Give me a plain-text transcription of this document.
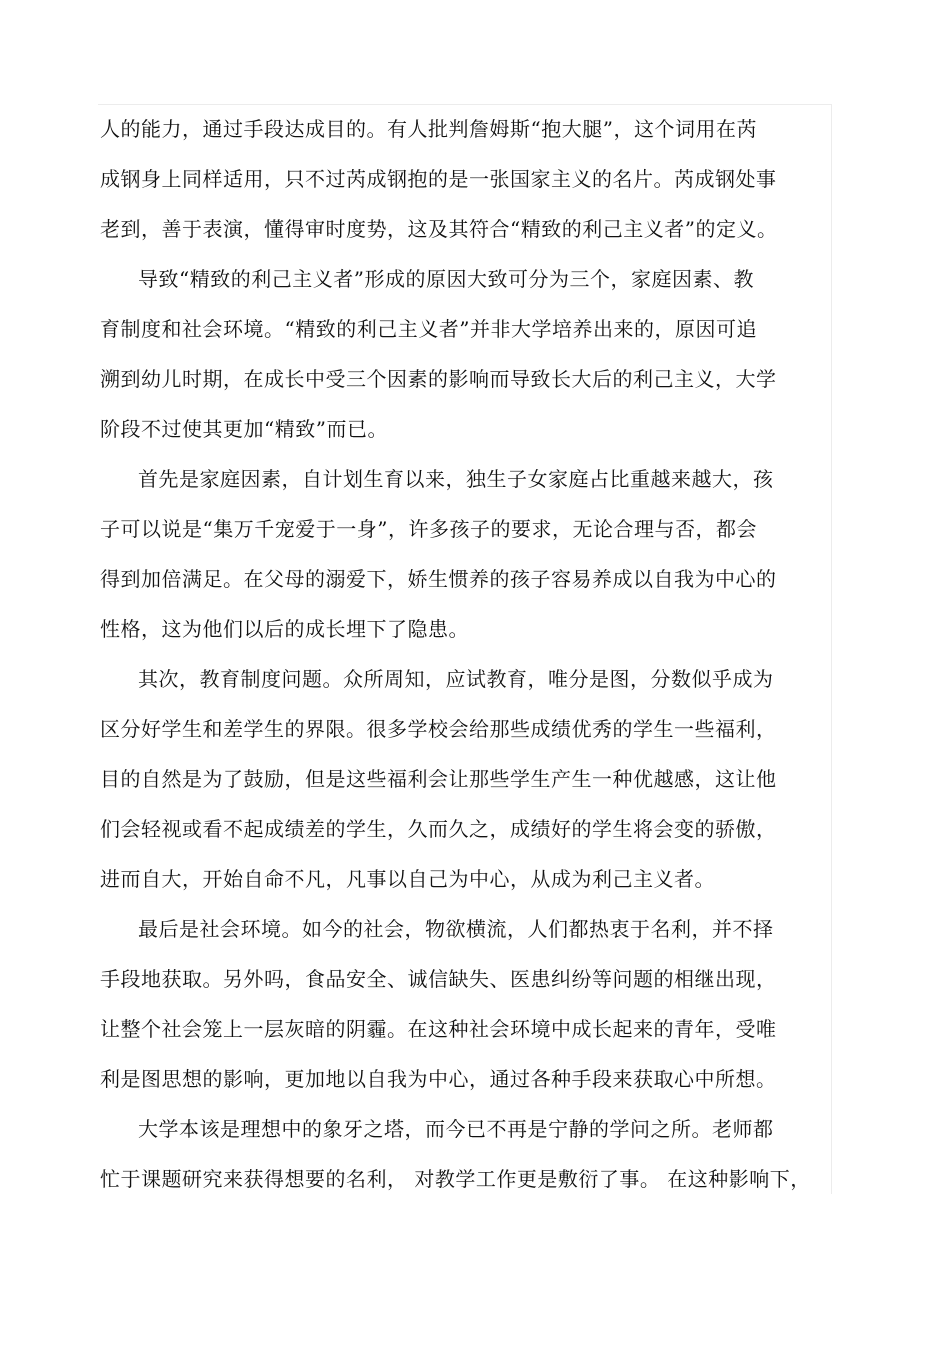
人的能力，通过手段达成目的。有人批判詹姆斯“抱大腿”，这个词用在芮
成钢身上同样适用，只不过芮成钢抱的是一张国家主义的名片。芮成钢处事
老到，善于表演，懂得审时度势，这及其符合“精致的利己主义者”的定义。
导致“精致的利己主义者”形成的原因大致可分为三个，家庭因素、教
育制度和社会环境。“精致的利己主义者”并非大学培养出来的，原因可追
溯到幼儿时期，在成长中受三个因素的影响而导致长大后的利己主义，大学
阶段不过使其更加“精致”而已。
首先是家庭因素，自计划生育以来，独生子女家庭占比重越来越大，孩
子可以说是“集万千宠爱于一身”，许多孩子的要求，无论合理与否，都会
得到加倍满足。在父母的溺爱下，娇生惯养的孩子容易养成以自我为中心的
性格，这为他们以后的成长埋下了隐患。
其次，教育制度问题。众所周知，应试教育，唯分是图，分数似乎成为
区分好学生和差学生的界限。很多学校会给那些成绩优秀的学生一些福利，
目的自然是为了鼓励，但是这些福利会让那些学生产生一种优越感，这让他
们会轻视或看不起成绩差的学生，久而久之，成绩好的学生将会变的骄傲，
进而自大，开始自命不凡，凡事以自己为中心，从成为利己主义者。
最后是社会环境。如今的社会，物欲横流，人们都热衷于名利，并不择
手段地获取。另外吗，食品安全、诚信缺失、医患纠纷等问题的相继出现，
让整个社会笼上一层灰暗的阴霾。在这种社会环境中成长起来的青年，受唯
利是图思想的影响，更加地以自我为中心，通过各种手段来获取心中所想。
大学本该是理想中的象牙之塔，而今已不再是宁静的学问之所。老师都
忙于课题研究来获得想要的名利， 对教学工作更是敷衍了事。 在这种影响下，
